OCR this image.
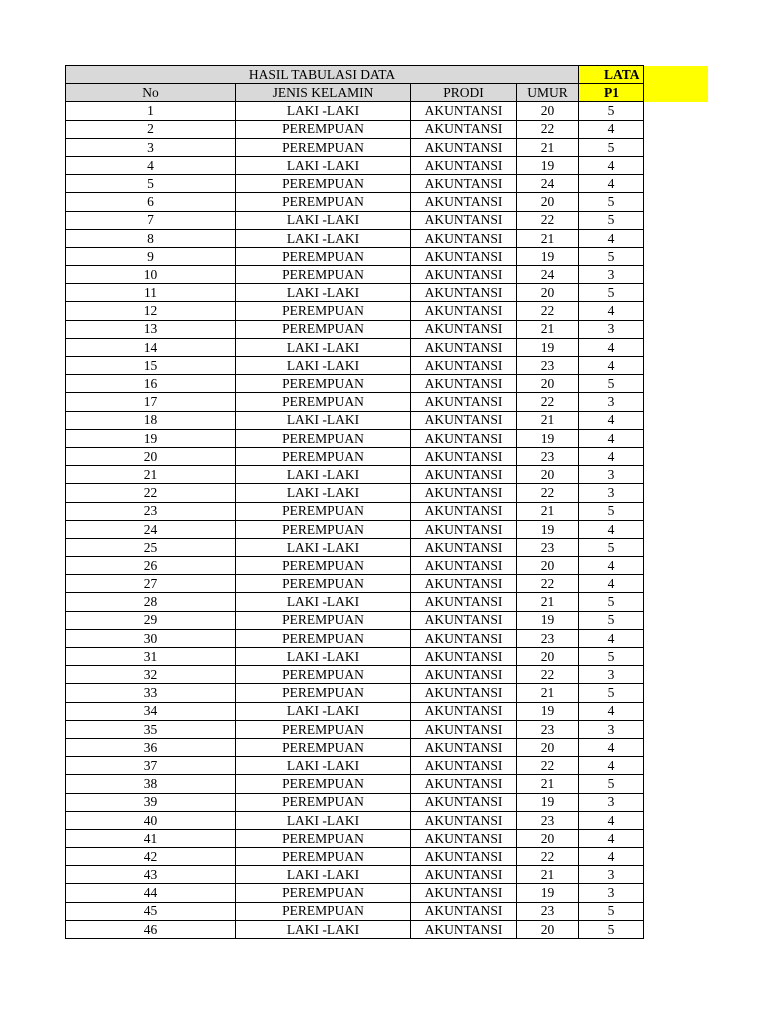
HASIL TABULASI DATA				LATA	
No	JENIS KELAMIN	PRODI	UMUR	P1	
1	LAKI -LAKI	AKUNTANSI	20	5	
2	PEREMPUAN	AKUNTANSI	22	4	
3	PEREMPUAN	AKUNTANSI	21	5	
4	LAKI -LAKI	AKUNTANSI	19	4	
5	PEREMPUAN	AKUNTANSI	24	4	
6	PEREMPUAN	AKUNTANSI	20	5	
7	LAKI -LAKI	AKUNTANSI	22	5	
8	LAKI -LAKI	AKUNTANSI	21	4	
9	PEREMPUAN	AKUNTANSI	19	5	
10	PEREMPUAN	AKUNTANSI	24	3	
11	LAKI -LAKI	AKUNTANSI	20	5	
12	PEREMPUAN	AKUNTANSI	22	4	
13	PEREMPUAN	AKUNTANSI	21	3	
14	LAKI -LAKI	AKUNTANSI	19	4	
15	LAKI -LAKI	AKUNTANSI	23	4	
16	PEREMPUAN	AKUNTANSI	20	5	
17	PEREMPUAN	AKUNTANSI	22	3	
18	LAKI -LAKI	AKUNTANSI	21	4	
19	PEREMPUAN	AKUNTANSI	19	4	
20	PEREMPUAN	AKUNTANSI	23	4	
21	LAKI -LAKI	AKUNTANSI	20	3	
22	LAKI -LAKI	AKUNTANSI	22	3	
23	PEREMPUAN	AKUNTANSI	21	5	
24	PEREMPUAN	AKUNTANSI	19	4	
25	LAKI -LAKI	AKUNTANSI	23	5	
26	PEREMPUAN	AKUNTANSI	20	4	
27	PEREMPUAN	AKUNTANSI	22	4	
28	LAKI -LAKI	AKUNTANSI	21	5	
29	PEREMPUAN	AKUNTANSI	19	5	
30	PEREMPUAN	AKUNTANSI	23	4	
31	LAKI -LAKI	AKUNTANSI	20	5	
32	PEREMPUAN	AKUNTANSI	22	3	
33	PEREMPUAN	AKUNTANSI	21	5	
34	LAKI -LAKI	AKUNTANSI	19	4	
35	PEREMPUAN	AKUNTANSI	23	3	
36	PEREMPUAN	AKUNTANSI	20	4	
37	LAKI -LAKI	AKUNTANSI	22	4	
38	PEREMPUAN	AKUNTANSI	21	5	
39	PEREMPUAN	AKUNTANSI	19	3	
40	LAKI -LAKI	AKUNTANSI	23	4	
41	PEREMPUAN	AKUNTANSI	20	4	
42	PEREMPUAN	AKUNTANSI	22	4	
43	LAKI -LAKI	AKUNTANSI	21	3	
44	PEREMPUAN	AKUNTANSI	19	3	
45	PEREMPUAN	AKUNTANSI	23	5	
46	LAKI -LAKI	AKUNTANSI	20	5	
